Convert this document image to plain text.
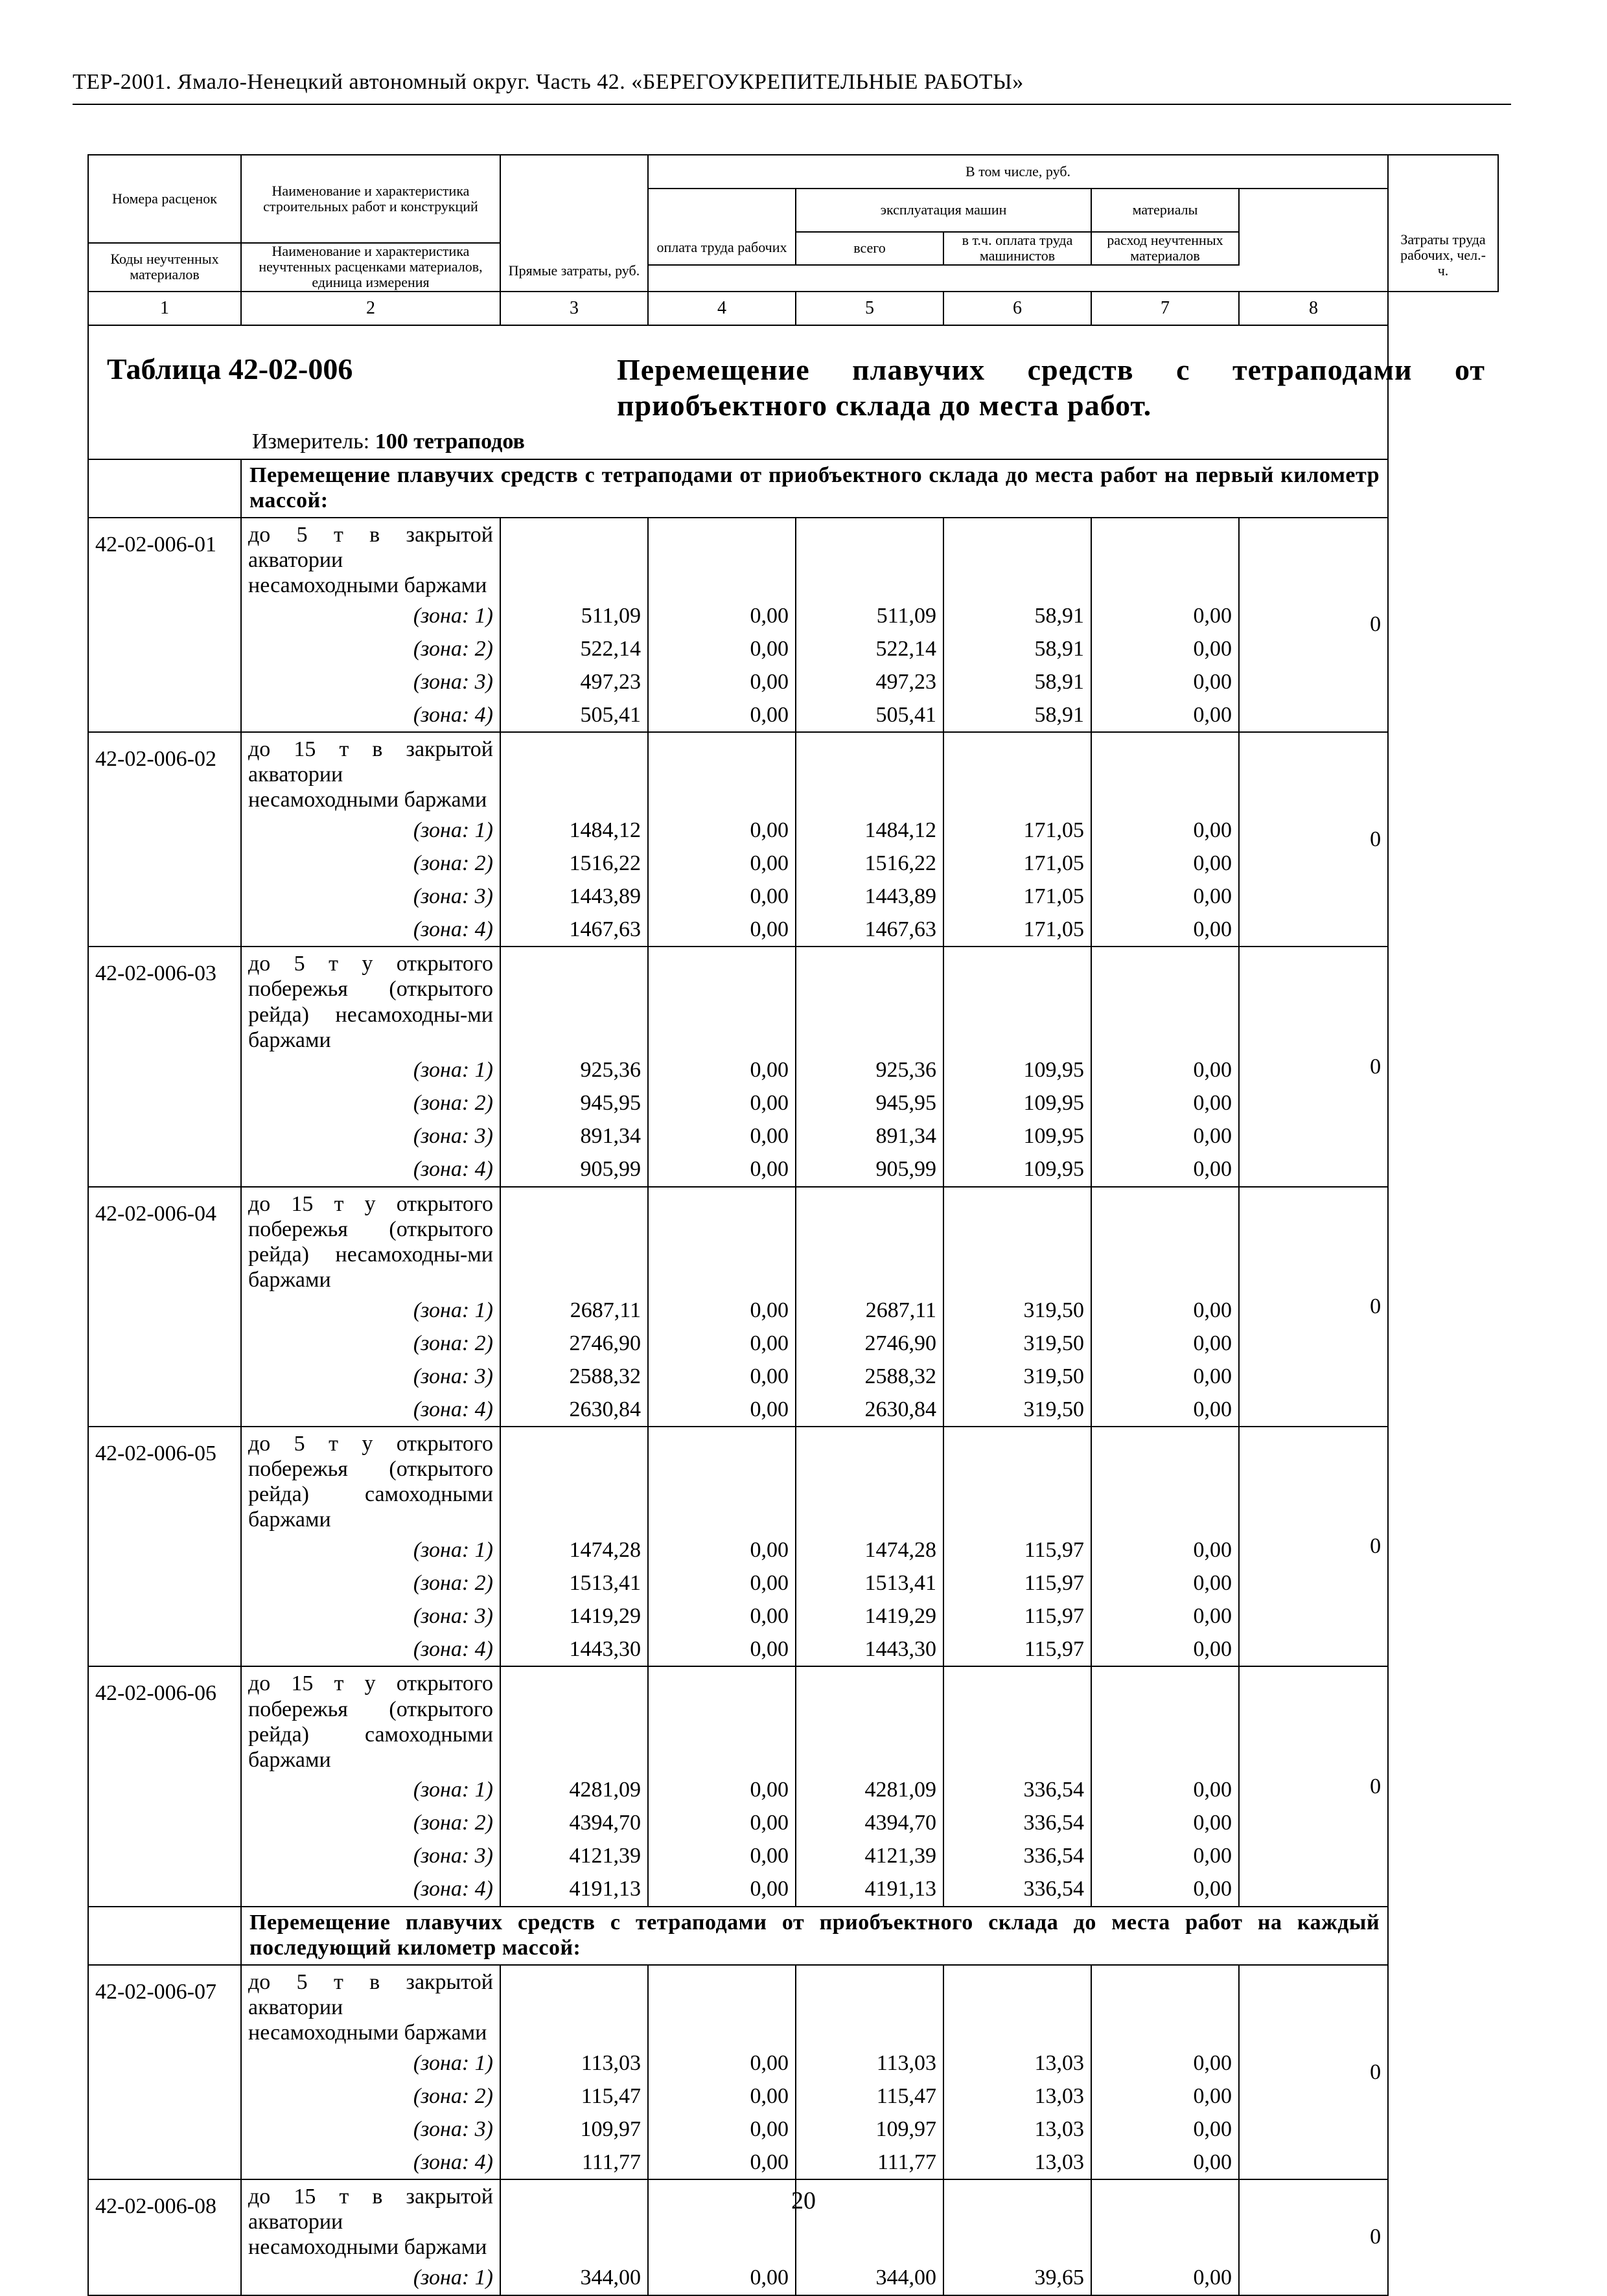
ТЕР-2001. Ямало-Ненецкий автономный округ. Часть 42. «БЕРЕГОУКРЕПИТЕЛЬНЫЕ РАБОТЫ»
Номера расценок	Наименование и характеристика строительных работ и конструкций	Прямые затраты, руб.	В том числе, руб.					Затраты труда рабочих, чел.-ч.
			оплата труда рабочих	эксплуатация машин		материалы		
				всего	в т.ч. оплата труда машинистов	расход неучтенных материалов		
Коды неучтенных материалов	Наименование и характеристика неучтенных расценками материалов, единица измерения							

1	2	3	4	5	6	7	8	

Таблица 42-02-006 Перемещение плавучих средств с тетраподами от приобъектного склада до места работ.
Измеритель: 100 тетраподов								

	Перемещение плавучих средств с тетраподами от приобъектного склада до места работ на первый километр массой:							
42-02-006-01	до 5 т в закрытой акватории несамоходными баржами						0	
	(зона: 1)	511,09	0,00	511,09	58,91	0,00		
	(зона: 2)	522,14	0,00	522,14	58,91	0,00		
	(зона: 3)	497,23	0,00	497,23	58,91	0,00		
	(зона: 4)	505,41	0,00	505,41	58,91	0,00		
42-02-006-02	до 15 т в закрытой акватории несамоходными баржами						0	
	(зона: 1)	1484,12	0,00	1484,12	171,05	0,00		
	(зона: 2)	1516,22	0,00	1516,22	171,05	0,00		
	(зона: 3)	1443,89	0,00	1443,89	171,05	0,00		
	(зона: 4)	1467,63	0,00	1467,63	171,05	0,00		
42-02-006-03	до 5 т у открытого побережья (открытого рейда) несамоходны-ми баржами						0	
	(зона: 1)	925,36	0,00	925,36	109,95	0,00		
	(зона: 2)	945,95	0,00	945,95	109,95	0,00		
	(зона: 3)	891,34	0,00	891,34	109,95	0,00		
	(зона: 4)	905,99	0,00	905,99	109,95	0,00		
42-02-006-04	до 15 т у открытого побережья (открытого рейда) несамоходны-ми баржами						0	
	(зона: 1)	2687,11	0,00	2687,11	319,50	0,00		
	(зона: 2)	2746,90	0,00	2746,90	319,50	0,00		
	(зона: 3)	2588,32	0,00	2588,32	319,50	0,00		
	(зона: 4)	2630,84	0,00	2630,84	319,50	0,00		
42-02-006-05	до 5 т у открытого побережья (открытого рейда) самоходными баржами						0	
	(зона: 1)	1474,28	0,00	1474,28	115,97	0,00		
	(зона: 2)	1513,41	0,00	1513,41	115,97	0,00		
	(зона: 3)	1419,29	0,00	1419,29	115,97	0,00		
	(зона: 4)	1443,30	0,00	1443,30	115,97	0,00		
42-02-006-06	до 15 т у открытого побережья (открытого рейда) самоходными баржами						0	
	(зона: 1)	4281,09	0,00	4281,09	336,54	0,00		
	(зона: 2)	4394,70	0,00	4394,70	336,54	0,00		
	(зона: 3)	4121,39	0,00	4121,39	336,54	0,00		
	(зона: 4)	4191,13	0,00	4191,13	336,54	0,00		
	Перемещение плавучих средств с тетраподами от приобъектного склада до места работ на каждый последующий километр массой:							
42-02-006-07	до 5 т в закрытой акватории несамоходными баржами						0	
	(зона: 1)	113,03	0,00	113,03	13,03	0,00		
	(зона: 2)	115,47	0,00	115,47	13,03	0,00		
	(зона: 3)	109,97	0,00	109,97	13,03	0,00		
	(зона: 4)	111,77	0,00	111,77	13,03	0,00		
42-02-006-08	до 15 т в закрытой акватории несамоходными баржами						0	
	(зона: 1)	344,00	0,00	344,00	39,65	0,00		
20
